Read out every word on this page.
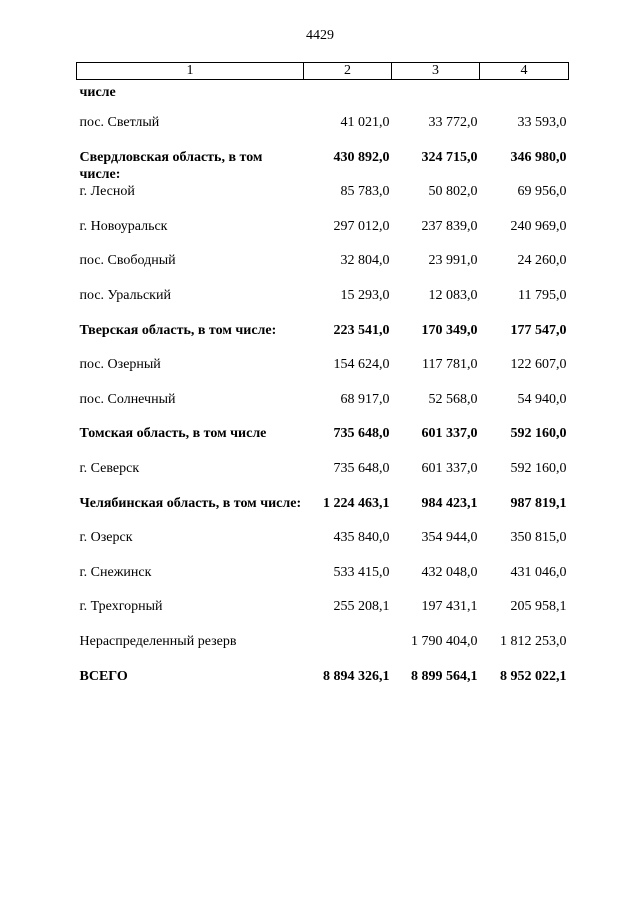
4429
1	2	3	4
числе			
пос. Светлый	41 021,0	33 772,0	33 593,0
Свердловская область, в том числе:	430 892,0	324 715,0	346 980,0
г. Лесной	85 783,0	50 802,0	69 956,0
г. Новоуральск	297 012,0	237 839,0	240 969,0
пос. Свободный	32 804,0	23 991,0	24 260,0
пос. Уральский	15 293,0	12 083,0	11 795,0
Тверская область, в том числе:	223 541,0	170 349,0	177 547,0
пос. Озерный	154 624,0	117 781,0	122 607,0
пос. Солнечный	68 917,0	52 568,0	54 940,0
Томская область, в том числе	735 648,0	601 337,0	592 160,0
г. Северск	735 648,0	601 337,0	592 160,0
Челябинская область, в том числе:	1 224 463,1	984 423,1	987 819,1
г. Озерск	435 840,0	354 944,0	350 815,0
г. Снежинск	533 415,0	432 048,0	431 046,0
г. Трехгорный	255 208,1	197 431,1	205 958,1
Нераспределенный резерв		1 790 404,0	1 812 253,0
ВСЕГО	8 894 326,1	8 899 564,1	8 952 022,1
